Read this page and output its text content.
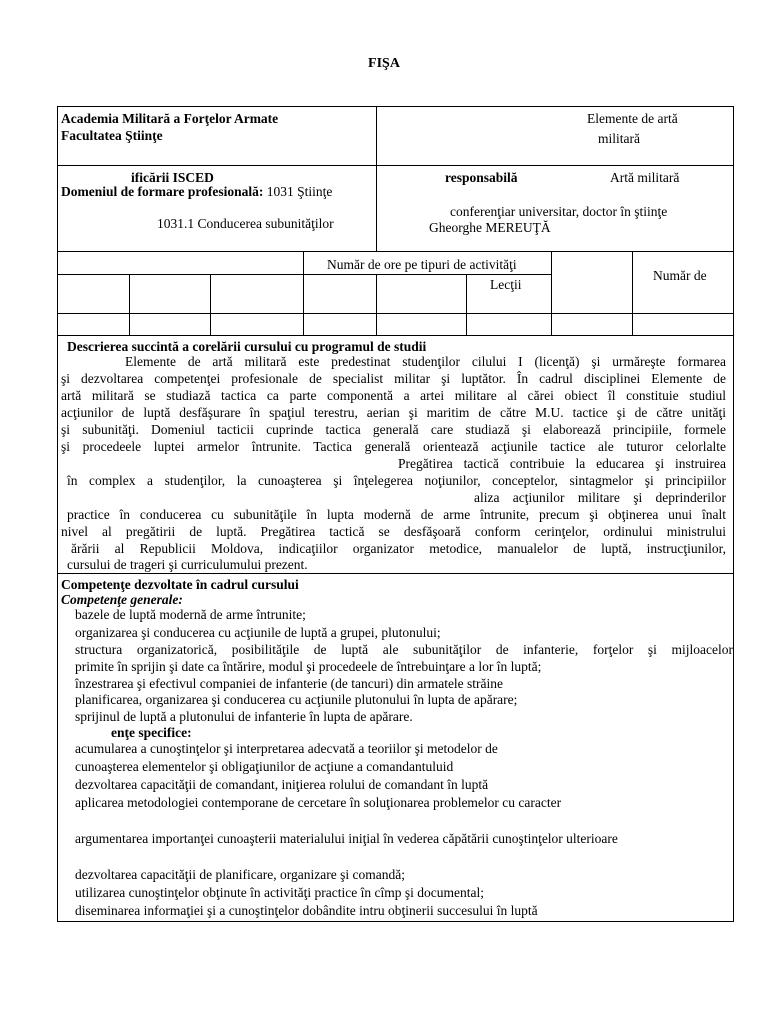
FIŞA
Academia Militară a Forţelor Armate
Facultatea Ştiinţe
Elemente de artă
militară
ificării ISCED
Domeniul de formare profesională: 1031 Ştiinţe
1031.1 Conducerea subunităţilor
responsabilă	Artă militară
conferenţiar universitar, doctor în ştiinţe
Gheorghe MEREUŢĂ
Număr de ore pe tipuri de activităţi
Lecţii
Număr de
Descrierea succintă a corelării cursului cu programul de studii
Elemente de artă militară este predestinat studenţilor cilului I (licenţă) şi urmăreşte formarea
şi dezvoltarea competenţei profesionale de specialist militar şi luptător. În cadrul disciplinei Elemente de
artă militară se studiază tactica ca parte componentă a artei militare al cărei obiect îl constituie studiul
acţiunilor de luptă desfăşurare în spaţiul terestru, aerian şi maritim de către M.U. tactice şi de către unităţi
şi subunităţi. Domeniul tacticii cuprinde tactica generală care studiază şi elaborează principiile, formele
şi procedeele luptei armelor întrunite. Tactica generală orientează acţiunile tactice ale tuturor celorlalte
Pregătirea tactică contribuie la educarea şi instruirea
în complex a studenţilor, la cunoaşterea şi înţelegerea noţiunilor, conceptelor, sintagmelor şi principiilor
aliza acţiunilor militare şi deprinderilor
practice în conducerea cu subunităţile în lupta modernă de arme întrunite, precum şi obţinerea unui înalt
nivel al pregătirii de luptă. Pregătirea tactică se desfăşoară conform cerinţelor, ordinului ministrului
ărării al Republicii Moldova, indicaţiilor organizator metodice, manualelor de luptă, instrucţiunilor,
cursului de trageri şi curriculumului prezent.
Competenţe dezvoltate în cadrul cursului
Competenţe generale:
bazele de luptă modernă de arme întrunite;
organizarea şi conducerea cu acţiunile de luptă a grupei, plutonului;
structura organizatorică, posibilităţile de luptă ale subunităţilor de infanterie, forţelor şi mijloacelor
primite în sprijin şi date ca întărire, modul şi procedeele de întrebuinţare a lor în luptă;
înzestrarea şi efectivul companiei de infanterie (de tancuri) din armatele străine
planificarea, organizarea şi conducerea cu acţiunile plutonului în lupta de apărare;
sprijinul de luptă a plutonului de infanterie în lupta de apărare.
enţe specifice:
acumularea a cunoştinţelor şi interpretarea adecvată a teoriilor şi metodelor de
cunoaşterea elementelor şi obligaţiunilor de acţiune a comandantuluid
dezvoltarea capacităţii de comandant, iniţierea rolului de comandant în luptă
aplicarea metodologiei contemporane de cercetare în soluţionarea problemelor cu caracter
argumentarea importanţei cunoaşterii materialului iniţial în vederea căpătării cunoştinţelor ulterioare
dezvoltarea capacităţii de planificare, organizare şi comandă;
utilizarea cunoştinţelor obţinute în activităţi practice în cîmp şi documental;
diseminarea informaţiei şi a cunoştinţelor dobândite intru obţinerii succesului în luptă
